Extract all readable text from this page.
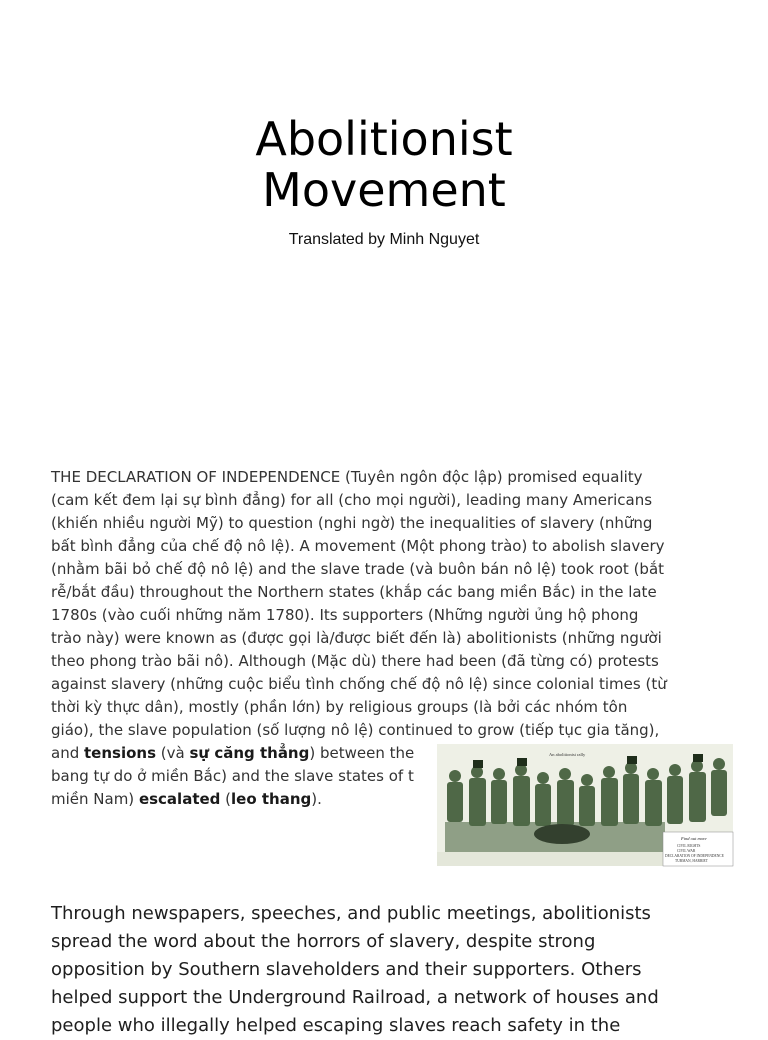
Abolitionist
Movement
Translated by Minh Nguyet

THE DECLARATION OF INDEPENDENCE (Tuyên ngôn độc lập) promised equality
(cam kết đem lại sự bình đẳng) for all (cho mọi người), leading many Americans
(khiến nhiều người Mỹ) to question (nghi ngờ) the inequalities of slavery (những
bất bình đẳng của chế độ nô lệ). A movement (Một phong trào) to abolish slavery
(nhằm bãi bỏ chế độ nô lệ) and the slave trade (và buôn bán nô lệ) took root (bắt
rễ/bắt đầu) throughout the Northern states (khắp các bang miền Bắc) in the late
1780s (vào cuối những năm 1780). Its supporters (Những người ủng hộ phong
trào này) were known as (được gọi là/được biết đến là) abolitionists (những người
theo phong trào bãi nô). Although (Mặc dù) there had been (đã từng có) protests
against slavery (những cuộc biểu tình chống chế độ nô lệ) since colonial times (từ
thời kỳ thực dân), mostly (phần lớn) by religious groups (là bởi các nhóm tôn
giáo), the slave population (số lượng nô lệ) continued to grow (tiếp tục gia tăng),
and tensions (và sự căng thẳng) between the
bang tự do ở miền Bắc) and the slave states of t
miền Nam) escalated (leo thang).

An abolitionist rally
Find out more
CIVIL RIGHTS
CIVIL WAR
DECLARATION OF INDEPENDENCE
TUBMAN, HARRIET

Through newspapers, speeches, and public meetings, abolitionists
spread the word about the horrors of slavery, despite strong
opposition by Southern slaveholders and their supporters. Others
helped support the Underground Railroad, a network of houses and
people who illegally helped escaping slaves reach safety in the
